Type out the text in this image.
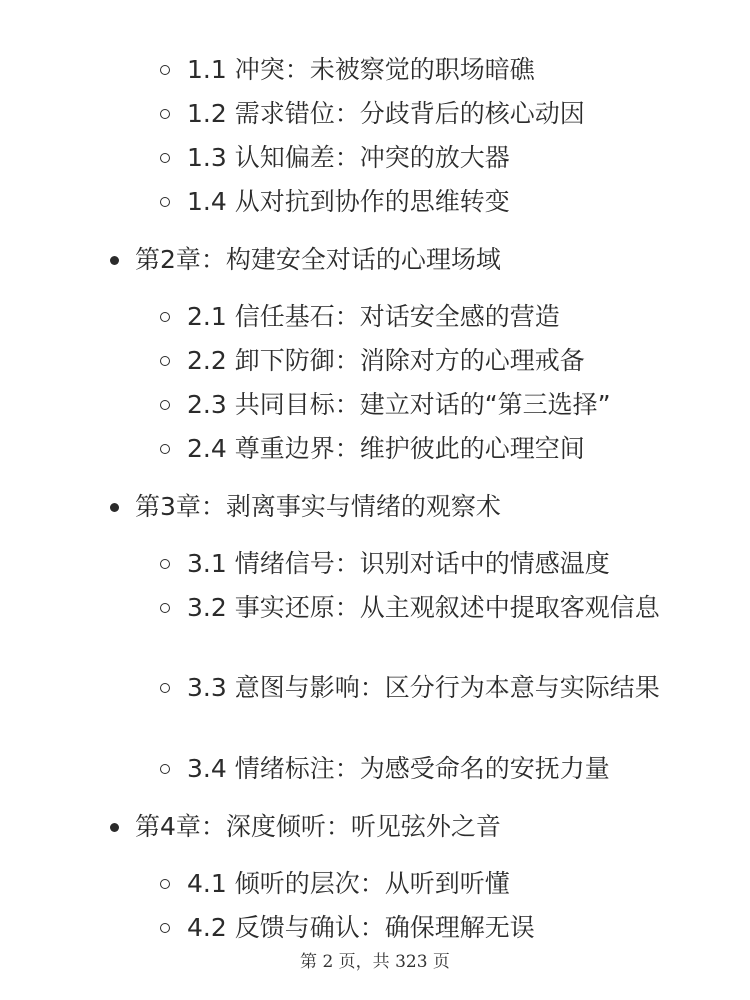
1.1 冲突：未被察觉的职场暗礁
1.2 需求错位：分歧背后的核心动因
1.3 认知偏差：冲突的放大器
1.4 从对抗到协作的思维转变
第2章：构建安全对话的心理场域
2.1 信任基石：对话安全感的营造
2.2 卸下防御：消除对方的心理戒备
2.3 共同目标：建立对话的“第三选择”
2.4 尊重边界：维护彼此的心理空间
第3章：剥离事实与情绪的观察术
3.1 情绪信号：识别对话中的情感温度
3.2 事实还原：从主观叙述中提取客观信息
3.3 意图与影响：区分行为本意与实际结果
3.4 情绪标注：为感受命名的安抚力量
第4章：深度倾听：听见弦外之音
4.1 倾听的层次：从听到听懂
4.2 反馈与确认：确保理解无误
第 2 页，共 323 页
